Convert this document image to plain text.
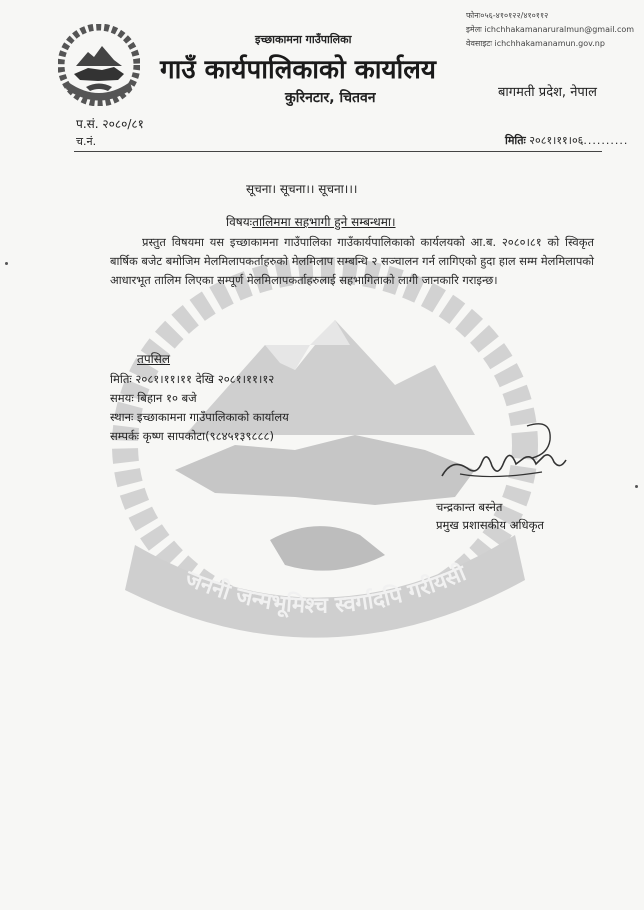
जननी जन्मभूमिश्च स्वर्गादपि गरीयसी
फोनः०५६-४१०१२२/४१०११२
इमेलः ichchhakamanaruralmun@gmail.com
वेवसाइटः ichchhakamanamun.gov.np
इच्छाकामना गाउँपालिका
गाउँ कार्यपालिकाको कार्यालय
कुरिनटार, चितवन	बागमती प्रदेश, नेपाल
प.सं. २०८०/८१
च.नं.	मितिः २०८१।११।०६..........
सूचना। सूचना।। सूचना।।।
विषयःतालिममा सहभागी हुने सम्बन्धमा।
प्रस्तुत विषयमा यस इच्छाकामना गाउँपालिका गाउँकार्यपालिकाको कार्यलयको आ.ब. २०८०।८१ को स्विकृत बार्षिक बजेट बमोजिम मेलमिलापकर्ताहरुको मेलमिलाप सम्बन्धि २ सञ्चालन गर्न लागिएको हुदा हाल सम्म मेलमिलापको आधारभूत तालिम लिएका सम्पूर्ण मेलमिलापकर्ताहरुलाई सहभागिताको लागी जानकारि गराइन्छ।
तपसिल
मितिः २०८१।११।११ देखि २०८१।११।१२
समयः बिहान १० बजे
स्थानः इच्छाकामना गाउँपालिकाको कार्यालय
सम्पर्कः कृष्ण सापकोटा(९८४५१३९८८८)
चन्द्रकान्त बस्नेत
प्रमुख प्रशासकीय अधिकृत
